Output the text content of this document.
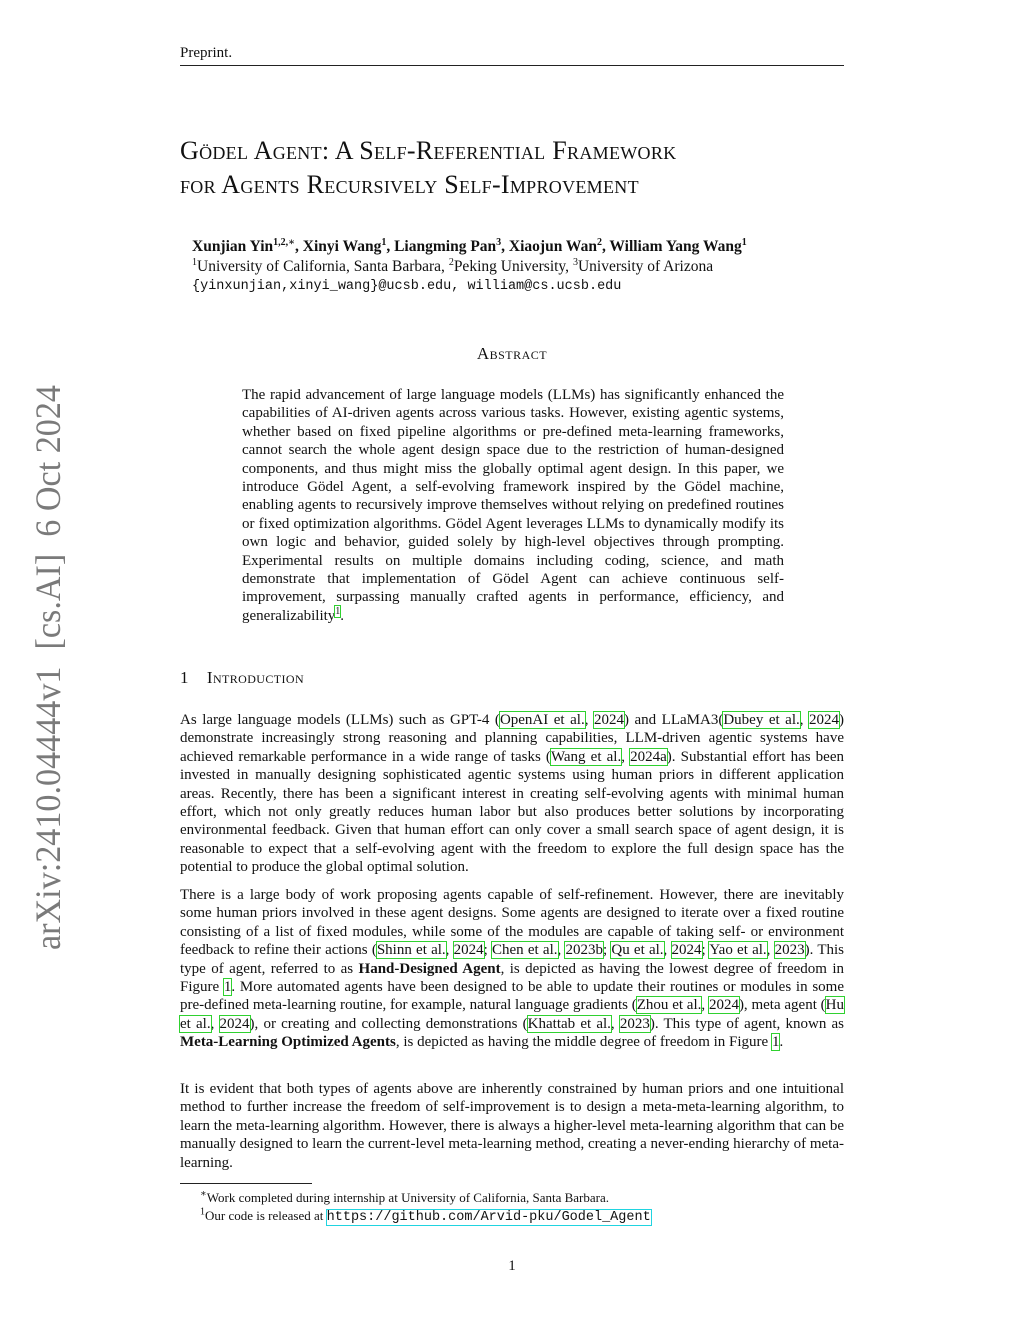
Preprint.
arXiv:2410.04444v1  [cs.AI]  6 Oct 2024
Gödel Agent: A Self-Referential Framework
for Agents Recursively Self-Improvement
Xunjian Yin$^{1,2,∗}$, Xinyi Wang$^1$, Liangming Pan$^3$, Xiaojun Wan$^2$, William Yang Wang$^1$
$^1$University of California, Santa Barbara, $^2$Peking University, $^3$University of Arizona
{yinxunjian,xinyi_wang}@ucsb.edu, william@cs.ucsb.edu
Abstract

The rapid advancement of large language models (LLMs) has significantly enhanced the capabilities of AI-driven agents across various tasks. However, existing agentic systems, whether based on fixed pipeline algorithms or pre-defined meta-learning frameworks, cannot search the whole agent design space due to the restriction of human-designed components, and thus might miss the globally optimal agent design. In this paper, we introduce Gödel Agent, a self-evolving framework inspired by the Gödel machine, enabling agents to recursively improve themselves without relying on predefined routines or fixed optimization algorithms. Gödel Agent leverages LLMs to dynamically modify its own logic and behavior, guided solely by high-level objectives through prompting. Experimental results on multiple domains including coding, science, and math demonstrate that implementation of Gödel Agent can achieve continuous self-improvement, surpassing manually crafted agents in performance, efficiency, and generalizability$^1$.

1 Introduction

As large language models (LLMs) such as GPT-4 (OpenAI et al., 2024) and LLaMA3(Dubey et al., 2024) demonstrate increasingly strong reasoning and planning capabilities, LLM-driven agentic systems have achieved remarkable performance in a wide range of tasks (Wang et al., 2024a). Substantial effort has been invested in manually designing sophisticated agentic systems using human priors in different application areas. Recently, there has been a significant interest in creating self-evolving agents with minimal human effort, which not only greatly reduces human labor but also produces better solutions by incorporating environmental feedback. Given that human effort can only cover a small search space of agent design, it is reasonable to expect that a self-evolving agent with the freedom to explore the full design space has the potential to produce the global optimal solution.

There is a large body of work proposing agents capable of self-refinement. However, there are inevitably some human priors involved in these agent designs. Some agents are designed to iterate over a fixed routine consisting of a list of fixed modules, while some of the modules are capable of taking self- or environment feedback to refine their actions (Shinn et al., 2024; Chen et al., 2023b; Qu et al., 2024; Yao et al., 2023). This type of agent, referred to as Hand-Designed Agent, is depicted as having the lowest degree of freedom in Figure 1. More automated agents have been designed to be able to update their routines or modules in some pre-defined meta-learning routine, for example, natural language gradients (Zhou et al., 2024), meta agent (Hu et al., 2024), or creating and collecting demonstrations (Khattab et al., 2023). This type of agent, known as Meta-Learning Optimized Agents, is depicted as having the middle degree of freedom in Figure 1.

It is evident that both types of agents above are inherently constrained by human priors and one intuitional method to further increase the freedom of self-improvement is to design a meta-meta-learning algorithm, to learn the meta-learning algorithm. However, there is always a higher-level meta-learning algorithm that can be manually designed to learn the current-level meta-learning method, creating a never-ending hierarchy of meta-learning.

∗Work completed during internship at University of California, Santa Barbara.
$^1$Our code is released at https://github.com/Arvid-pku/Godel_Agent
1
